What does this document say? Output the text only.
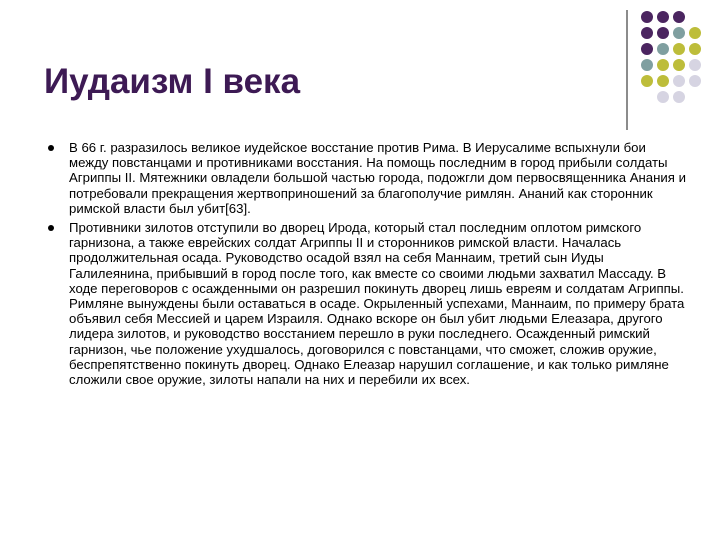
Иудаизм I века
В 66 г. разразилось великое иудейское восстание против Рима. В Иерусалиме вспыхнули бои между повстанцами и противниками восстания. На помощь последним в город прибыли солдаты Агриппы II. Мятежники овладели большой частью города, подожгли дом первосвященника Анания и потребовали прекращения жертвоприношений за благополучие римлян. Ананий как сторонник римской власти был убит[63].
Противники зилотов отступили во дворец Ирода, который стал последним оплотом римского гарнизона, а также еврейских солдат Агриппы II и сторонников римской власти. Началась продолжительная осада. Руководство осадой взял на себя Маннаим, третий сын Иуды Галилеянина, прибывший в город после того, как вместе со своими людьми захватил Массаду. В ходе переговоров с осажденными он разрешил покинуть дворец лишь евреям и солдатам Агриппы. Римляне вынуждены были оставаться в осаде. Окрыленный успехами, Маннаим, по примеру брата объявил себя Мессией и царем Израиля. Однако вскоре он был убит людьми Елеазара, другого лидера зилотов, и руководство восстанием перешло в руки последнего. Осажденный римский гарнизон, чье положение ухудшалось, договорился с повстанцами, что сможет, сложив оружие, беспрепятственно покинуть дворец. Однако Елеазар нарушил соглашение, и как только римляне сложили свое оружие, зилоты напали на них и перебили их всех.
